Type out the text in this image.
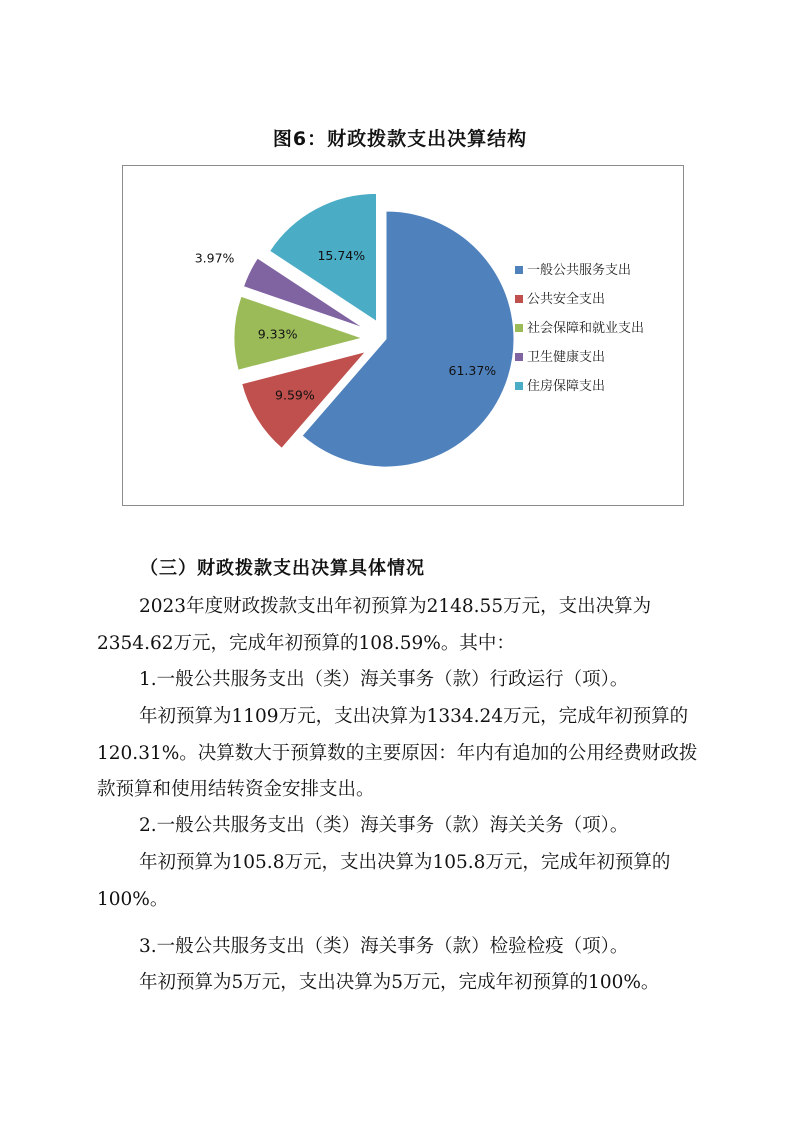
图6：财政拨款支出决算结构
61.37%
9.59%
9.33%
3.97%	15.74%
一般公共服务支出
公共安全支出
社会保障和就业支出
卫生健康支出
住房保障支出
（三）财政拨款支出决算具体情况

2023年度财政拨款支出年初预算为2148.55万元，支出决算为2354.62万元，完成年初预算的108.59%。其中：

1.一般公共服务支出（类）海关事务（款）行政运行（项）。

年初预算为1109万元，支出决算为1334.24万元，完成年初预算的120.31%。决算数大于预算数的主要原因：年内有追加的公用经费财政拨款预算和使用结转资金安排支出。

2.一般公共服务支出（类）海关事务（款）海关关务（项）。

年初预算为105.8万元，支出决算为105.8万元，完成年初预算的100%。

3.一般公共服务支出（类）海关事务（款）检验检疫（项）。

年初预算为5万元，支出决算为5万元，完成年初预算的100%。
